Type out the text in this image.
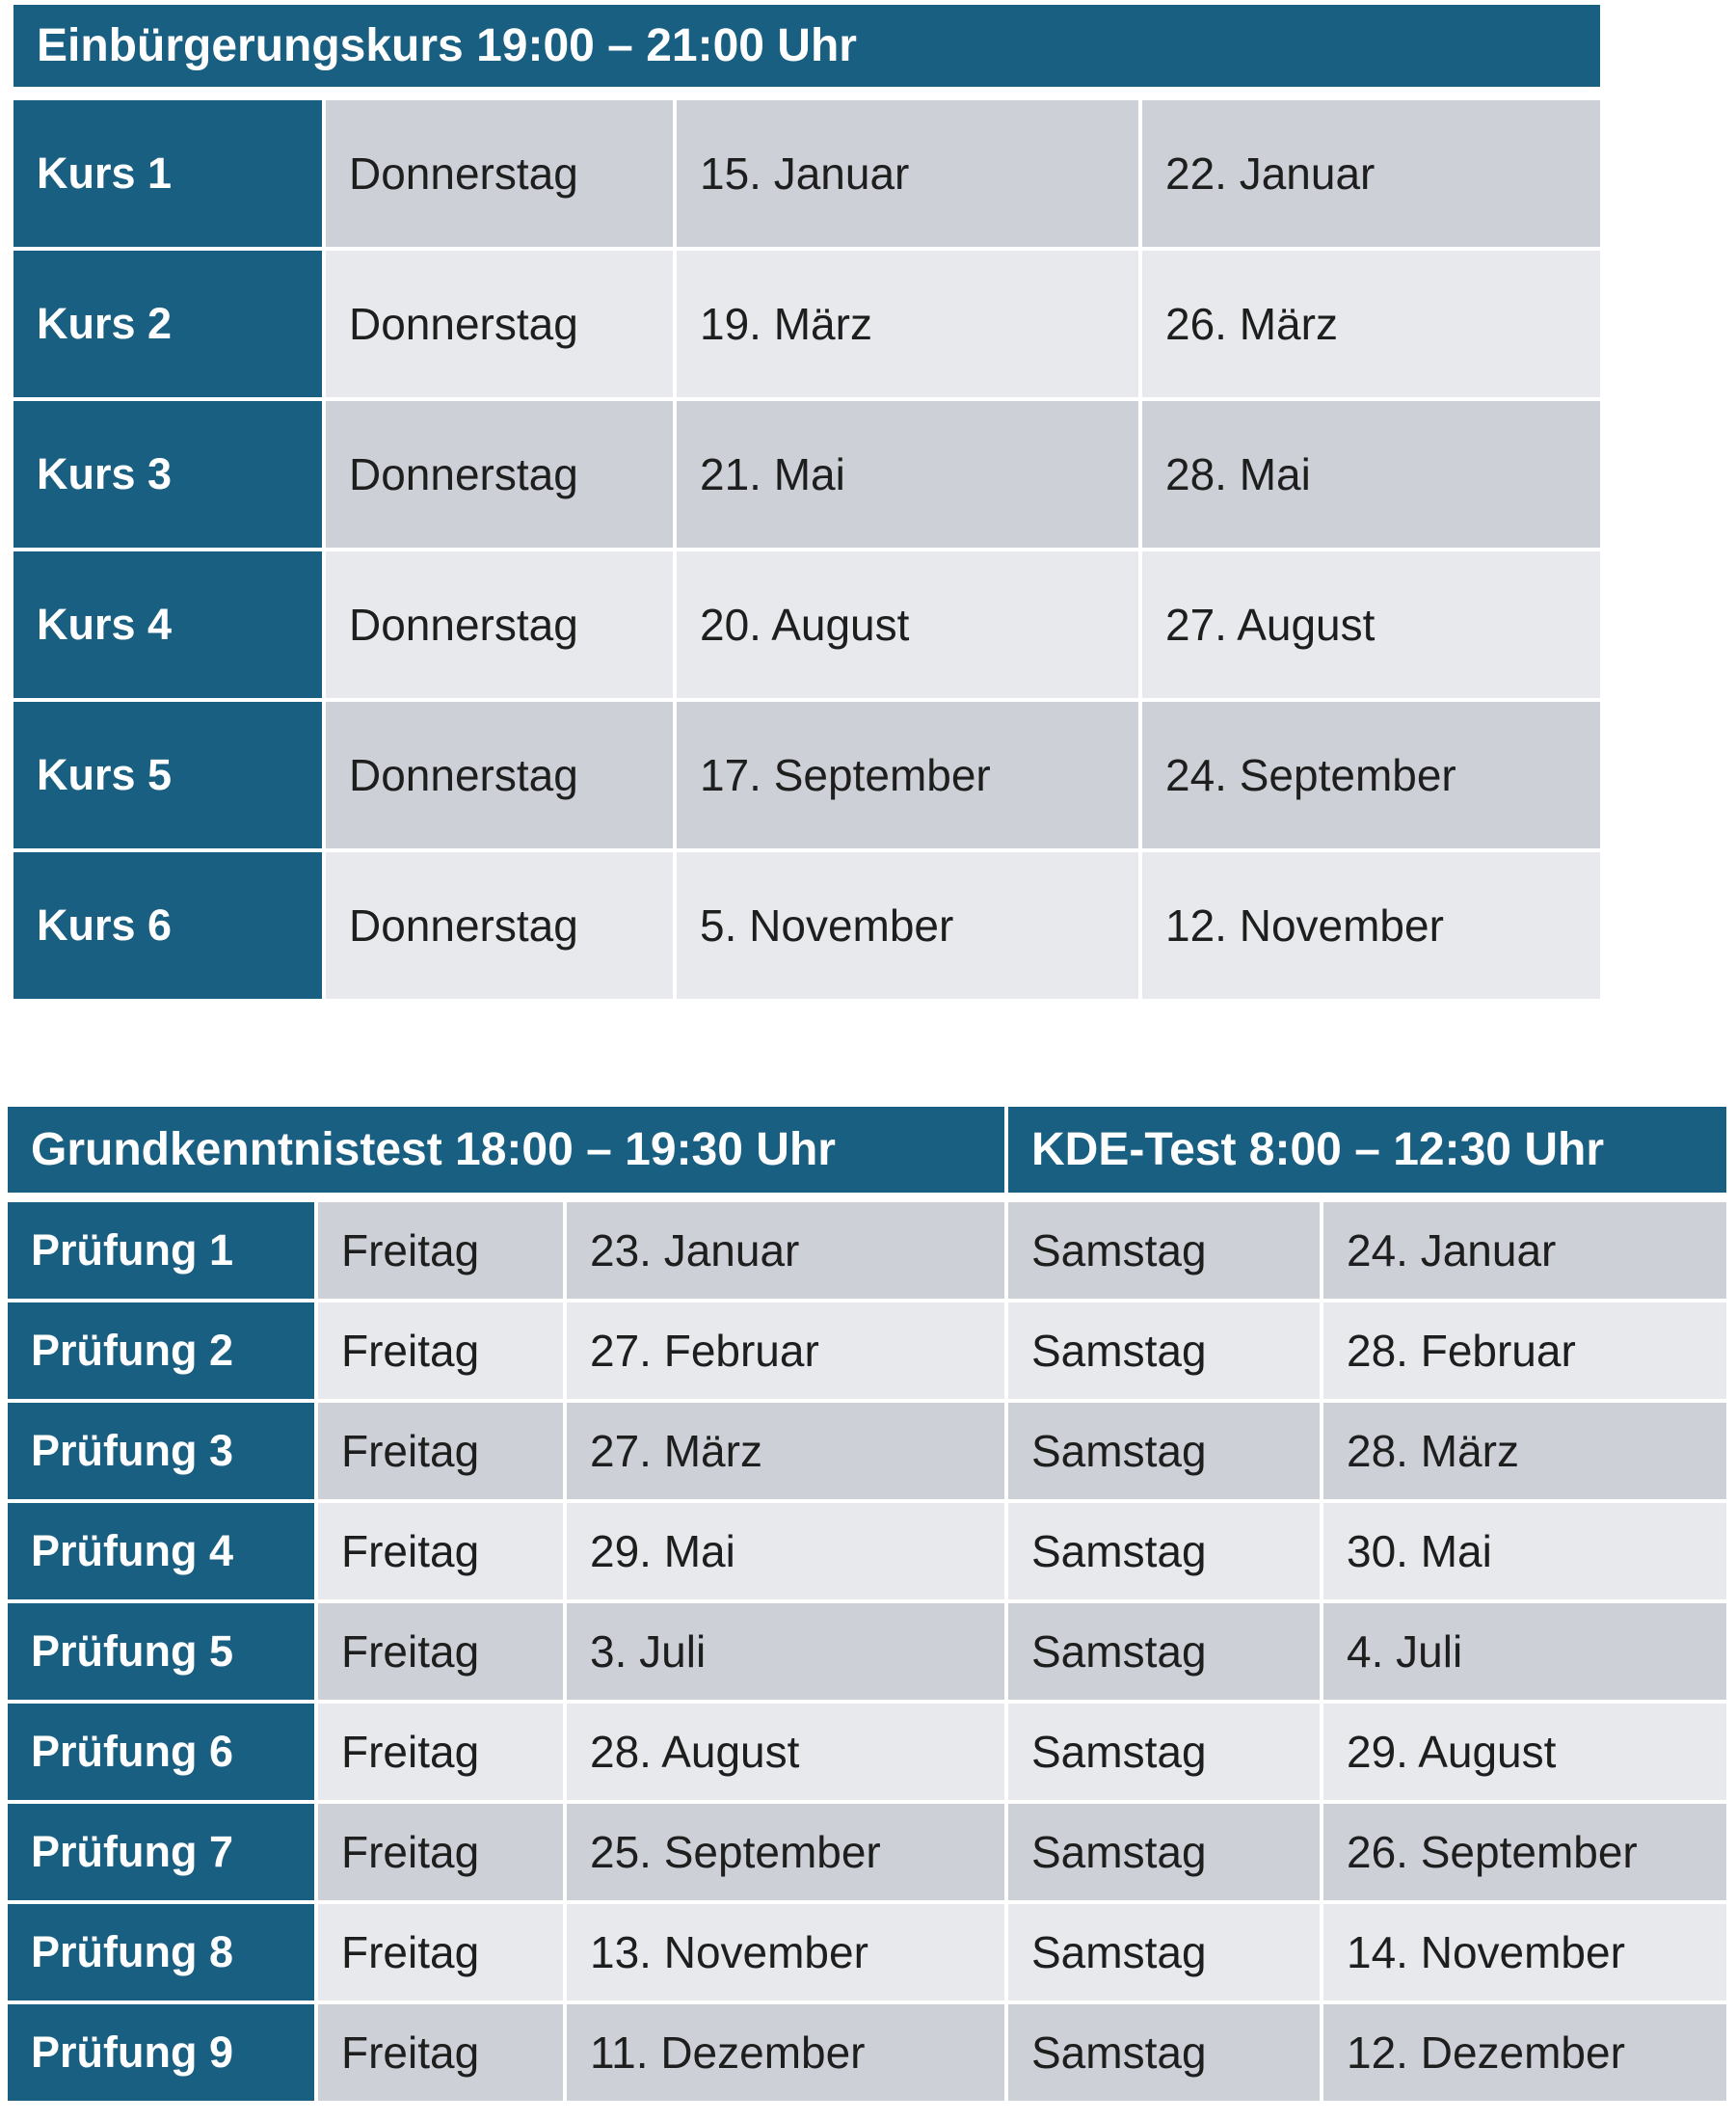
Einbürgerungskurs 19:00 – 21:00 Uhr
Kurs 1	Donnerstag	15. Januar	22. Januar
Kurs 2	Donnerstag	19. März	26. März
Kurs 3	Donnerstag	21. Mai	28. Mai
Kurs 4	Donnerstag	20. August	27. August
Kurs 5	Donnerstag	17. September	24. September
Kurs 6	Donnerstag	5. November	12. November
Grundkenntnistest 18:00 – 19:30 Uhr	KDE-Test 8:00 – 12:30 Uhr
Prüfung 1	Freitag	23. Januar	Samstag	24. Januar
Prüfung 2	Freitag	27. Februar	Samstag	28. Februar
Prüfung 3	Freitag	27. März	Samstag	28. März
Prüfung 4	Freitag	29. Mai	Samstag	30. Mai
Prüfung 5	Freitag	3. Juli	Samstag	4. Juli
Prüfung 6	Freitag	28. August	Samstag	29. August
Prüfung 7	Freitag	25. September	Samstag	26. September
Prüfung 8	Freitag	13. November	Samstag	14. November
Prüfung 9	Freitag	11. Dezember	Samstag	12. Dezember
